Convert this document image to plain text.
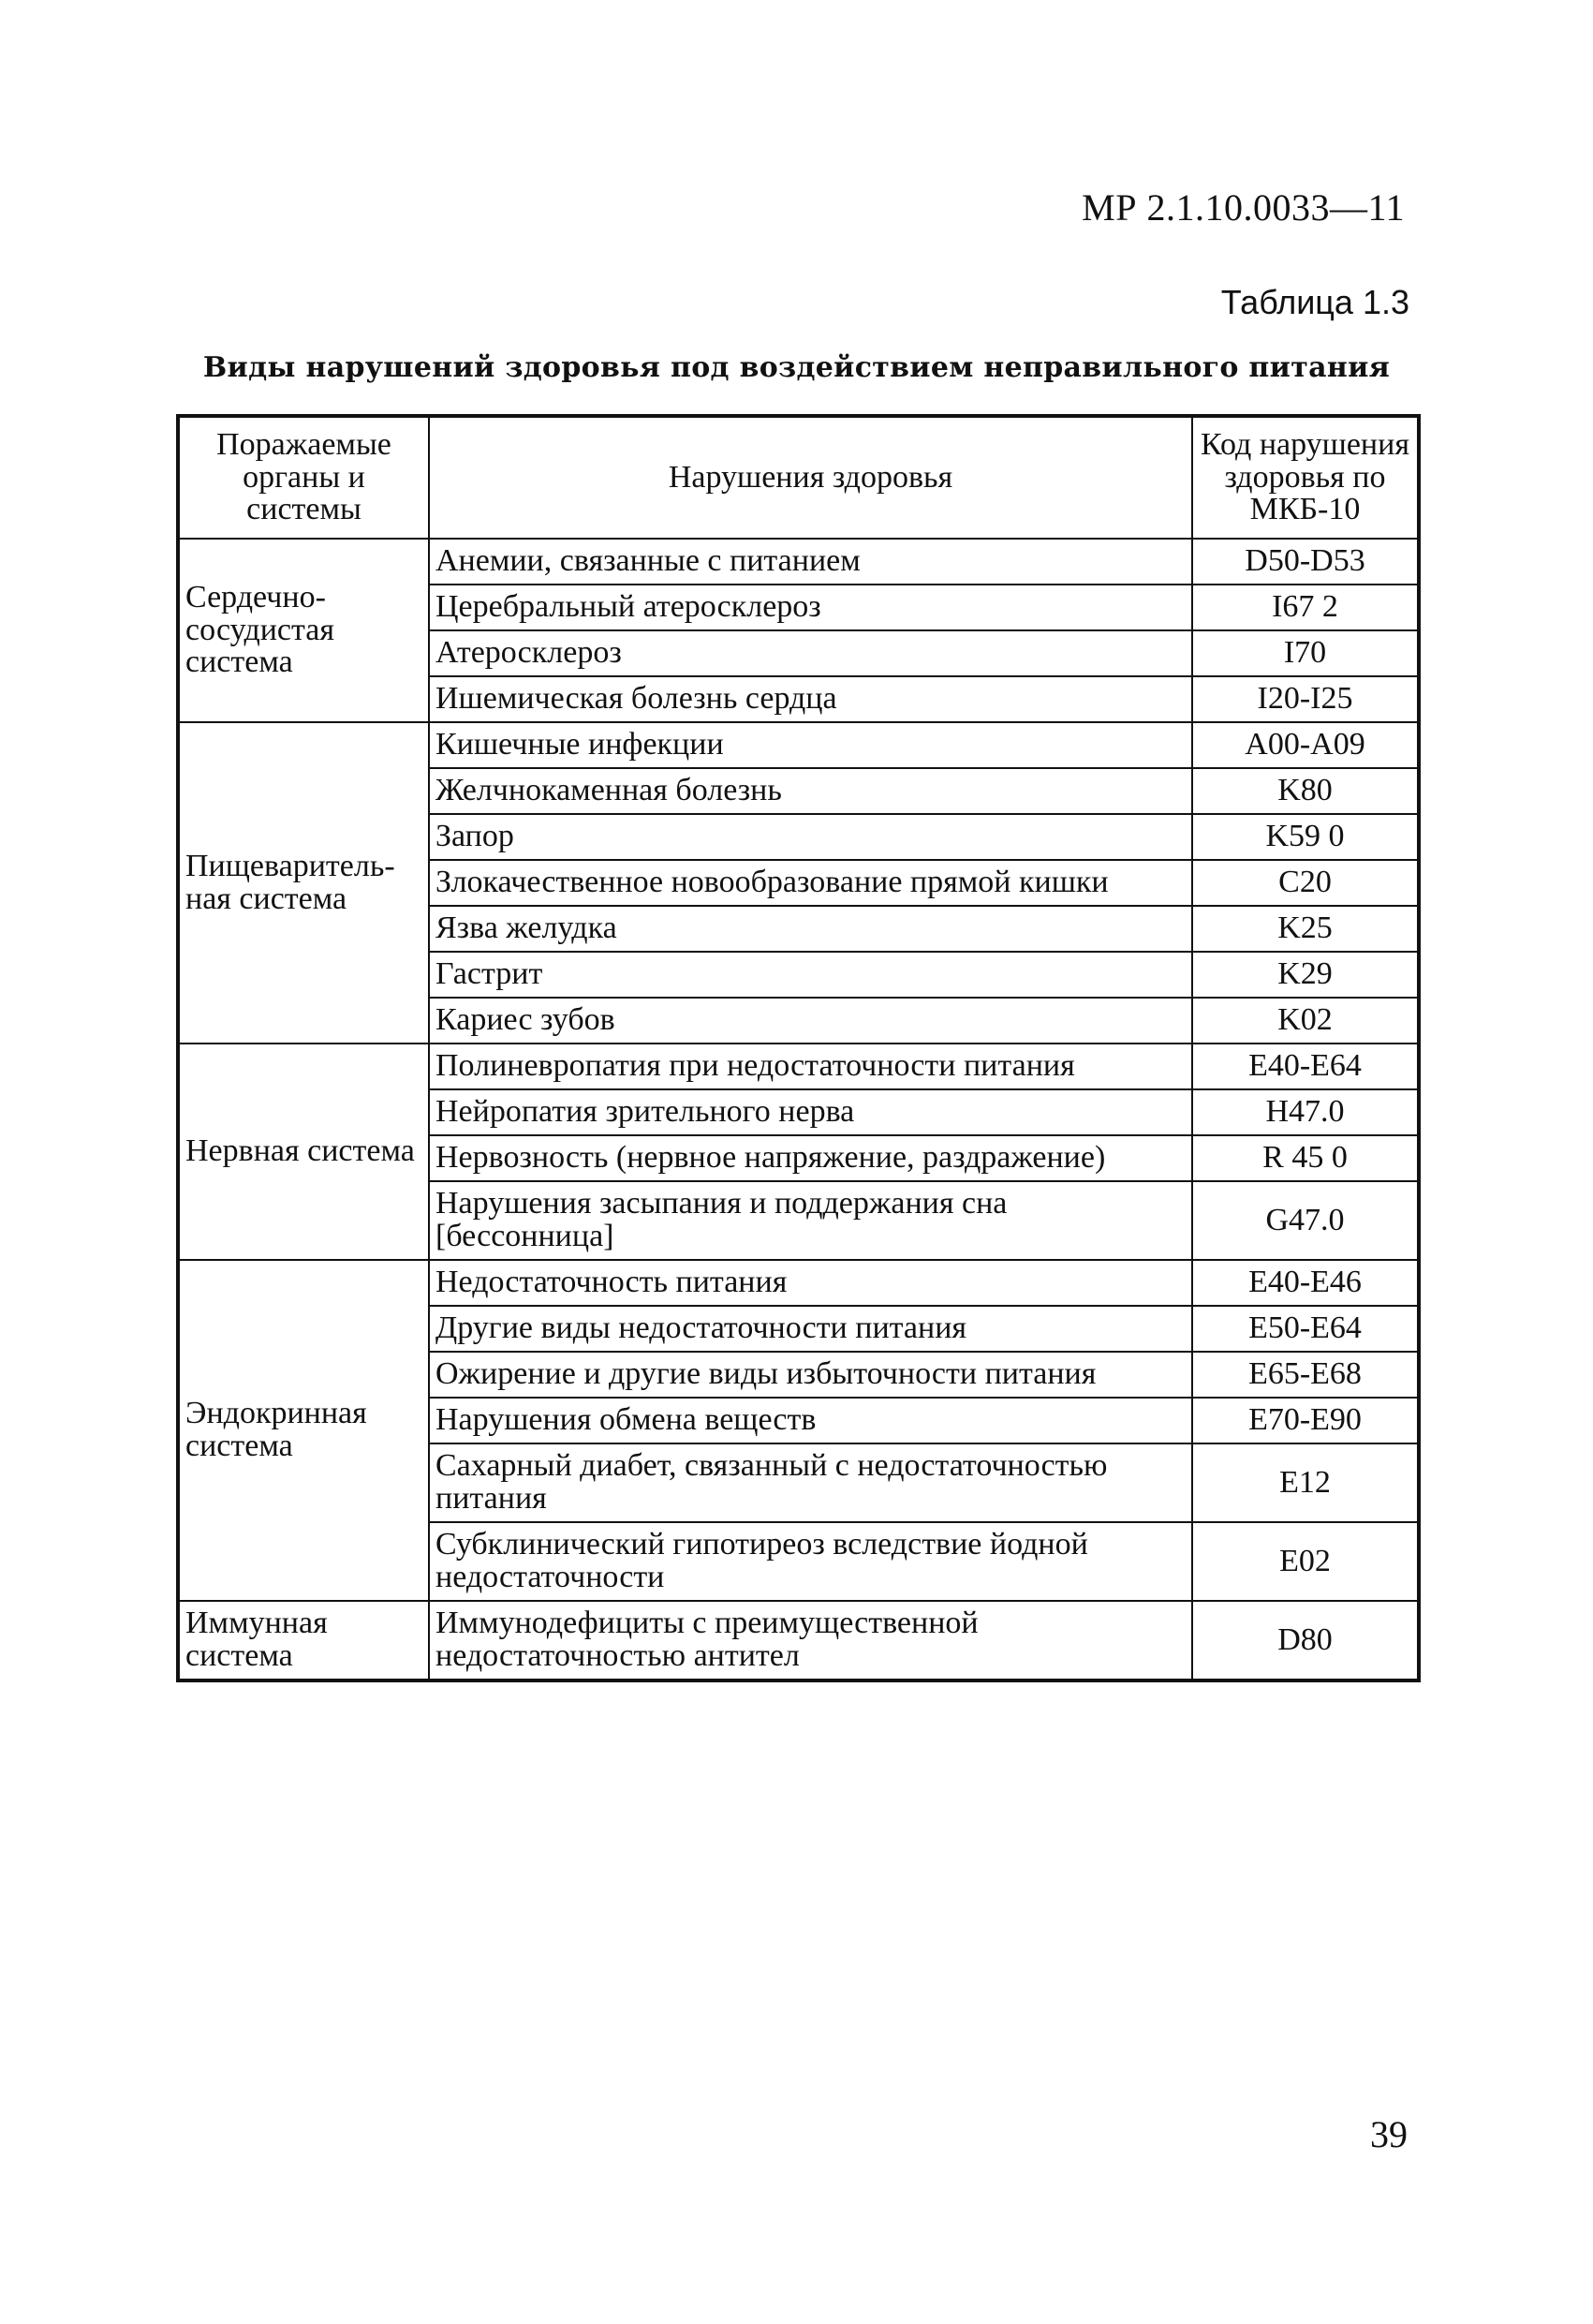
МР 2.1.10.0033—11
Таблица 1.3
Виды нарушений здоровья под воздействием неправильного питания
Поражаемые органы и системы	Нарушения здоровья	Код нарушения здоровья по МКБ-10
Сердечно-сосудистая система	Анемии, связанные с питанием	D50-D53
	Церебральный атеросклероз	I67 2
	Атеросклероз	I70
	Ишемическая болезнь сердца	I20-I25
Пищеваритель-ная система	Кишечные инфекции	A00-A09
	Желчнокаменная болезнь	K80
	Запор	K59 0
	Злокачественное новообразование прямой кишки	C20
	Язва желудка	K25
	Гастрит	K29
	Кариес зубов	K02
Нервная система	Полиневропатия при недостаточности питания	E40-E64
	Нейропатия зрительного нерва	H47.0
	Нервозность (нервное напряжение, раздражение)	R 45 0
	Нарушения засыпания и поддержания сна [бессонница]	G47.0
Эндокринная система	Недостаточность питания	E40-E46
	Другие виды недостаточности питания	E50-E64
	Ожирение и другие виды избыточности питания	E65-E68
	Нарушения обмена веществ	E70-E90
	Сахарный диабет, связанный с недостаточностью питания	E12
	Субклинический гипотиреоз вследствие йодной недостаточности	E02
Иммунная система	Иммунодефициты с преимущественной недостаточностью антител	D80
39
